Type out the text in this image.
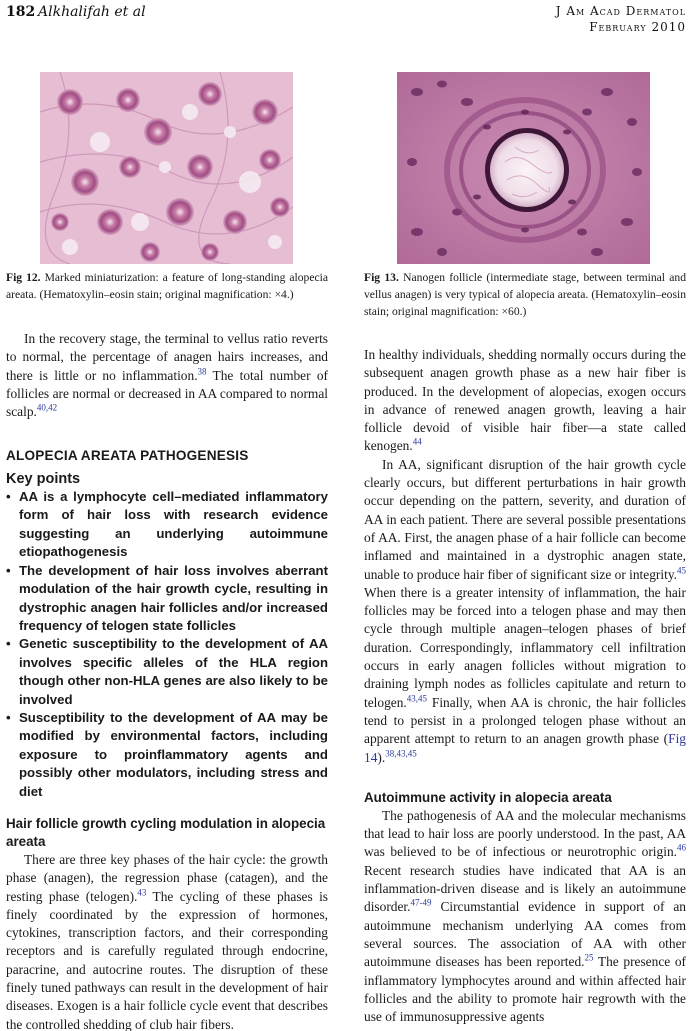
182 Alkhalifah et al	J Am Acad Dermatol
February 2010
Fig 12. Marked miniaturization: a feature of long-standing alopecia areata. (Hematoxylin–eosin stain; original magnification: ×4.)
Fig 13. Nanogen follicle (intermediate stage, between terminal and vellus anagen) is very typical of alopecia areata. (Hematoxylin–eosin stain; original magnification: ×60.)

In the recovery stage, the terminal to vellus ratio reverts to normal, the percentage of anagen hairs increases, and there is little or no inflammation.$^{38}$ The total number of follicles are normal or decreased in AA compared to normal scalp.$^{40,42}$

ALOPECIA AREATA PATHOGENESIS
Key points
• AA is a lymphocyte cell–mediated inflammatory form of hair loss with research evidence suggesting an underlying autoimmune etiopathogenesis
• The development of hair loss involves aberrant modulation of the hair growth cycle, resulting in dystrophic anagen hair follicles and/or increased frequency of telogen state follicles
• Genetic susceptibility to the development of AA involves specific alleles of the HLA region though other non-HLA genes are also likely to be involved
• Susceptibility to the development of AA may be modified by environmental factors, including exposure to proinflammatory agents and possibly other modulators, including stress and diet
Hair follicle growth cycling modulation in alopecia areata

There are three key phases of the hair cycle: the growth phase (anagen), the regression phase (catagen), and the resting phase (telogen).$^{43}$ The cycling of these phases is finely coordinated by the expression of hormones, cytokines, transcription factors, and their corresponding receptors and is carefully regulated through endocrine, paracrine, and autocrine routes. The disruption of these finely tuned pathways can result in the development of hair diseases. Exogen is a hair follicle cycle event that describes the controlled shedding of club hair fibers.

In healthy individuals, shedding normally occurs during the subsequent anagen growth phase as a new hair fiber is produced. In the development of alopecias, exogen occurs in advance of renewed anagen growth, leaving a hair follicle devoid of visible hair fiber—a state called kenogen.$^{44}$

In AA, significant disruption of the hair growth cycle clearly occurs, but different perturbations in hair growth occur depending on the pattern, severity, and duration of AA in each patient. There are several possible presentations of AA. First, the anagen phase of a hair follicle can become inflamed and maintained in a dystrophic anagen state, unable to produce hair fiber of significant size or integrity.$^{45}$ When there is a greater intensity of inflammation, the hair follicles may be forced into a telogen phase and may then cycle through multiple anagen–telogen phases of brief duration. Correspondingly, inflammatory cell infiltration occurs in early anagen follicles without migration to draining lymph nodes as follicles capitulate and return to telogen.$^{43,45}$ Finally, when AA is chronic, the hair follicles tend to persist in a prolonged telogen phase without an apparent attempt to return to an anagen growth phase (Fig 14).$^{38,43,45}$

Autoimmune activity in alopecia areata

The pathogenesis of AA and the molecular mechanisms that lead to hair loss are poorly understood. In the past, AA was believed to be of infectious or neurotrophic origin.$^{46}$ Recent research studies have indicated that AA is an inflammation-driven disease and is likely an autoimmune disorder.$^{47-49}$ Circumstantial evidence in support of an autoimmune mechanism underlying AA comes from several sources. The association of AA with other autoimmune diseases has been reported.$^{25}$ The presence of inflammatory lymphocytes around and within affected hair follicles and the ability to promote hair regrowth with the use of immunosuppressive agents
